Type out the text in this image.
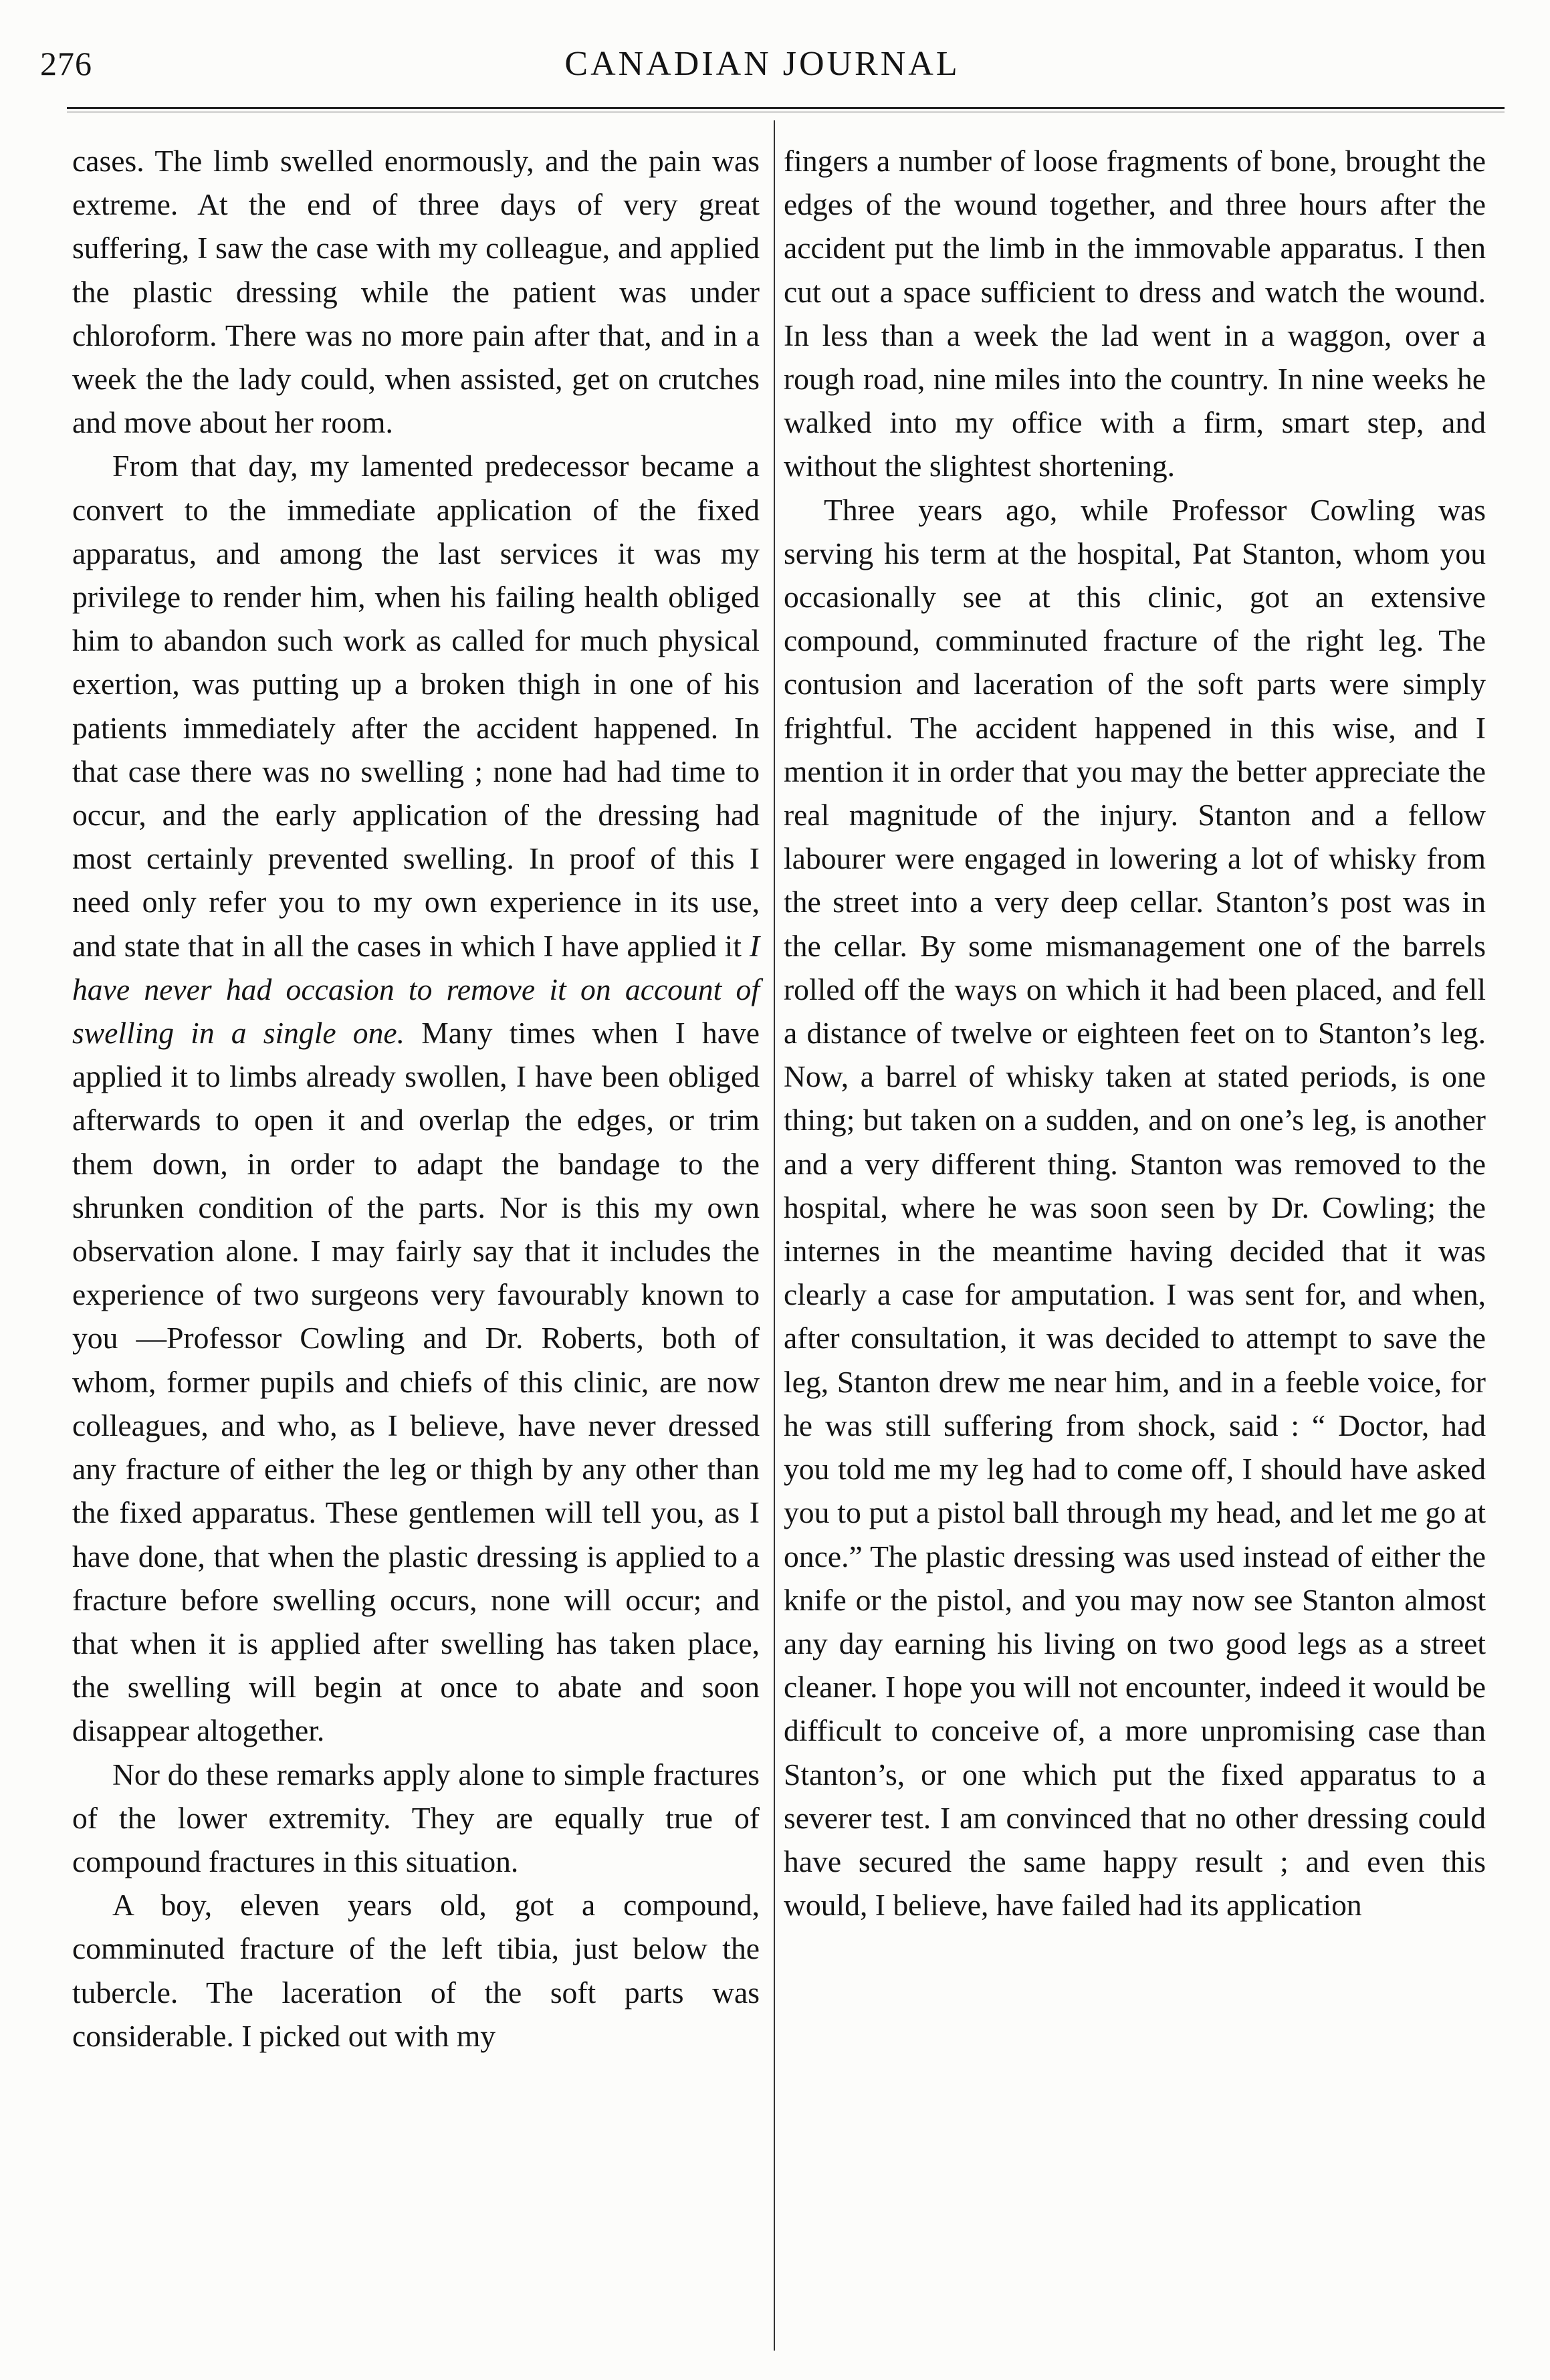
276	CANADIAN JOURNAL

cases. The limb swelled enormously, and the pain was extreme. At the end of three days of very great suffering, I saw the case with my colleague, and applied the plastic dressing while the patient was under chloroform. There was no more pain after that, and in a week the the lady could, when assisted, get on crutches and move about her room.

From that day, my lamented predecessor became a convert to the immediate application of the fixed apparatus, and among the last services it was my privilege to render him, when his failing health obliged him to abandon such work as called for much physical exertion, was putting up a broken thigh in one of his patients immediately after the accident happened. In that case there was no swelling ; none had had time to occur, and the early application of the dressing had most certainly prevented swelling. In proof of this I need only refer you to my own experience in its use, and state that in all the cases in which I have applied it I have never had occasion to remove it on account of swelling in a single one. Many times when I have applied it to limbs already swollen, I have been obliged afterwards to open it and overlap the edges, or trim them down, in order to adapt the bandage to the shrunken condition of the parts. Nor is this my own observation alone. I may fairly say that it includes the experience of two surgeons very favourably known to you —Professor Cowling and Dr. Roberts, both of whom, former pupils and chiefs of this clinic, are now colleagues, and who, as I believe, have never dressed any fracture of either the leg or thigh by any other than the fixed apparatus. These gentlemen will tell you, as I have done, that when the plastic dressing is applied to a fracture before swelling occurs, none will occur; and that when it is applied after swelling has taken place, the swelling will begin at once to abate and soon disappear altogether.

Nor do these remarks apply alone to simple fractures of the lower extremity. They are equally true of compound fractures in this situation.

A boy, eleven years old, got a compound, comminuted fracture of the left tibia, just below the tubercle. The laceration of the soft parts was considerable. I picked out with my

fingers a number of loose fragments of bone, brought the edges of the wound together, and three hours after the accident put the limb in the immovable apparatus. I then cut out a space sufficient to dress and watch the wound. In less than a week the lad went in a waggon, over a rough road, nine miles into the country. In nine weeks he walked into my office with a firm, smart step, and without the slightest shortening.

Three years ago, while Professor Cowling was serving his term at the hospital, Pat Stanton, whom you occasionally see at this clinic, got an extensive compound, comminuted fracture of the right leg. The contusion and laceration of the soft parts were simply frightful. The accident happened in this wise, and I mention it in order that you may the better appreciate the real magnitude of the injury. Stanton and a fellow labourer were engaged in lowering a lot of whisky from the street into a very deep cellar. Stanton’s post was in the cellar. By some mismanagement one of the barrels rolled off the ways on which it had been placed, and fell a distance of twelve or eighteen feet on to Stanton’s leg. Now, a barrel of whisky taken at stated periods, is one thing; but taken on a sudden, and on one’s leg, is another and a very different thing. Stanton was removed to the hospital, where he was soon seen by Dr. Cowling; the internes in the meantime having decided that it was clearly a case for amputation. I was sent for, and when, after consultation, it was decided to attempt to save the leg, Stanton drew me near him, and in a feeble voice, for he was still suffering from shock, said : “ Doctor, had you told me my leg had to come off, I should have asked you to put a pistol ball through my head, and let me go at once.” The plastic dressing was used instead of either the knife or the pistol, and you may now see Stanton almost any day earning his living on two good legs as a street cleaner. I hope you will not encounter, indeed it would be difficult to conceive of, a more unpromising case than Stanton’s, or one which put the fixed apparatus to a severer test. I am convinced that no other dressing could have secured the same happy result ; and even this would, I believe, have failed had its application
